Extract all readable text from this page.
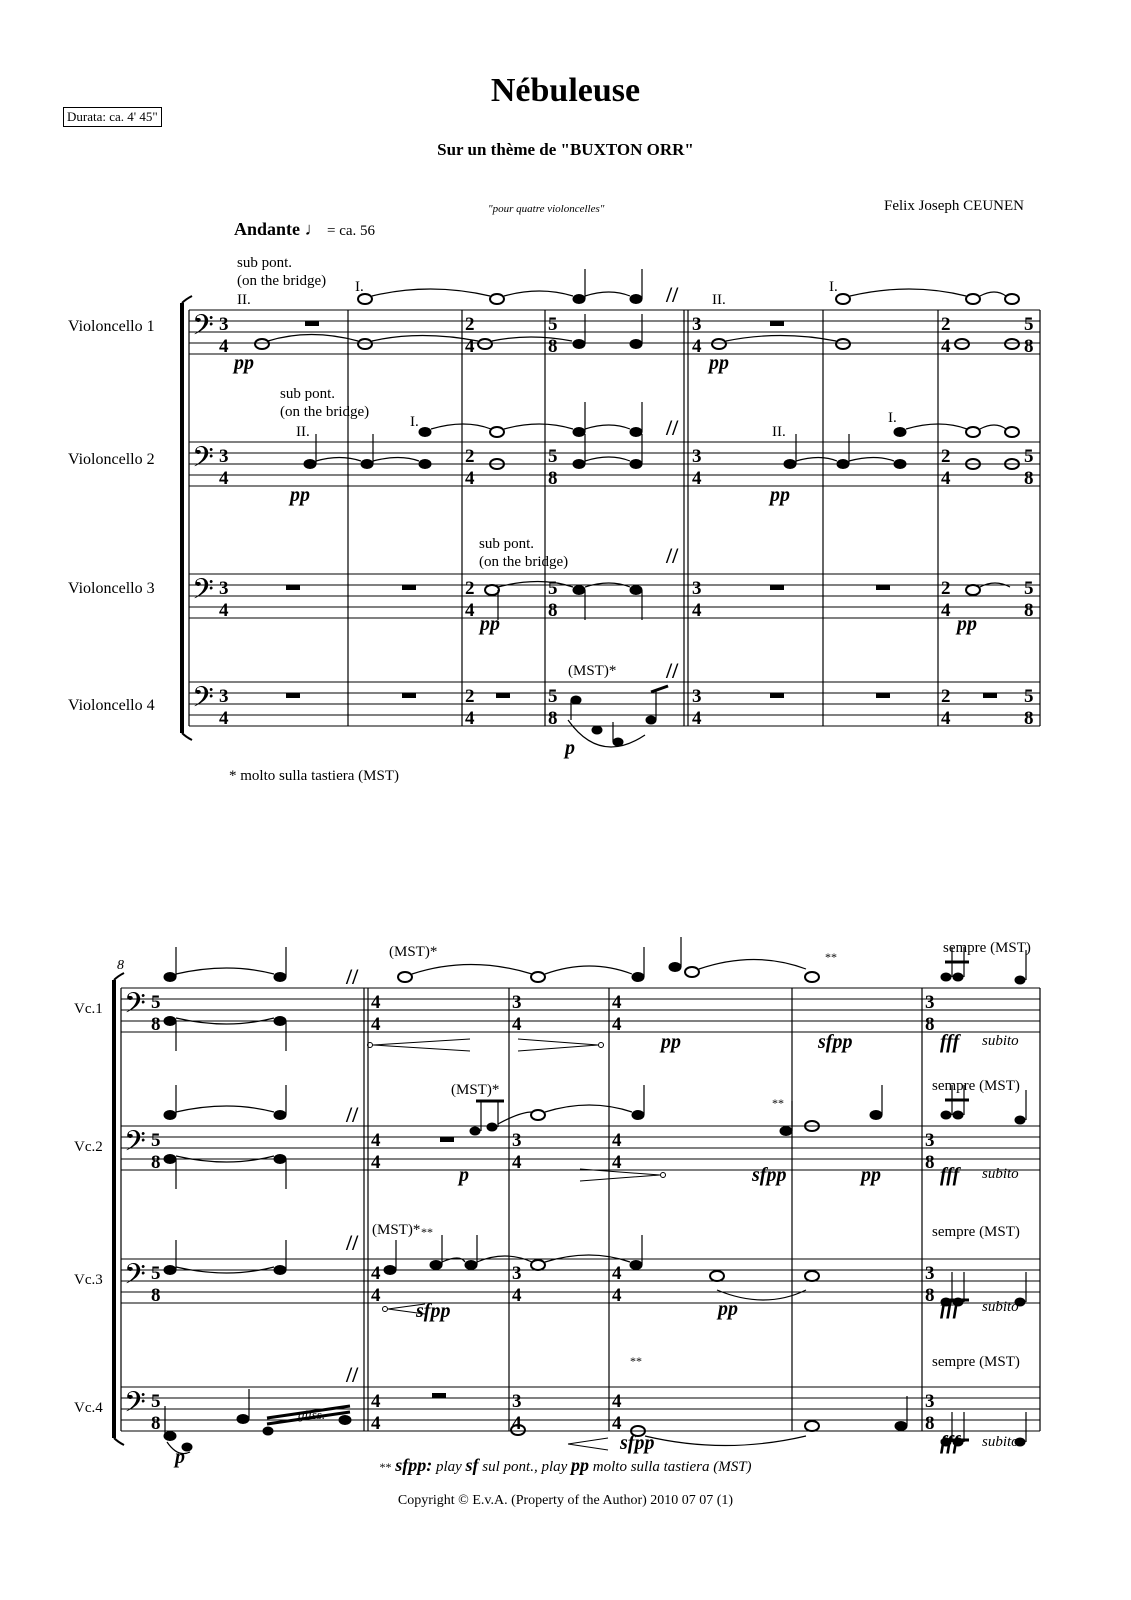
Durata: ca. 4' 45"
Nébuleuse
Sur un thème de "BUXTON ORR"
"pour quatre violoncelles"	Felix Joseph CEUNEN
Andante ♩ = ca. 56
𝄢
𝄢
𝄢
𝄢
𝄢
𝄢
𝄢
𝄢
3
4
3
4
3
4
3
4
2
4
2
4
2
4
2
4
5
8
5
8
5
8
5
8
3
4
3
4
3
4
3
4
2
4
2
4
2
4
2
4
5
8
5
8
5
8
5
8
5
8
5
8
5
8
5
8
4
4
4
4
4
4
4
4
3
4
3
4
3
4
3
4
4
4
4
4
4
4
4
4
3
8
3
8
3
8
3
8
//
//
//
//
//
//
//
//
Violoncello 1
Violoncello 2
Violoncello 3
Violoncello 4
sub pont.
(on the bridge)
II.
I.
II.
I.
pp	pp
sub pont.
(on the bridge)
II.
I.
II.
I.
pp	pp
sub pont.
(on the bridge)
pp	pp
(MST)*
p
* molto sulla tastiera (MST)
8
Vc.1
Vc.2
Vc.3
Vc.4
(MST)*	sempre (MST)
**
pp	sfpp	fff subito
(MST)*	sempre (MST)
**
p	sfpp	pp	fff subito
(MST)* **	sempre (MST)
sfpp	pp	fff subito
sempre (MST)
**
gliss.
p
sfpp	fff subito
** sfpp: play sf sul pont., play pp molto sulla tastiera (MST)
Copyright © E.v.A. (Property of the Author) 2010 07 07 (1)
